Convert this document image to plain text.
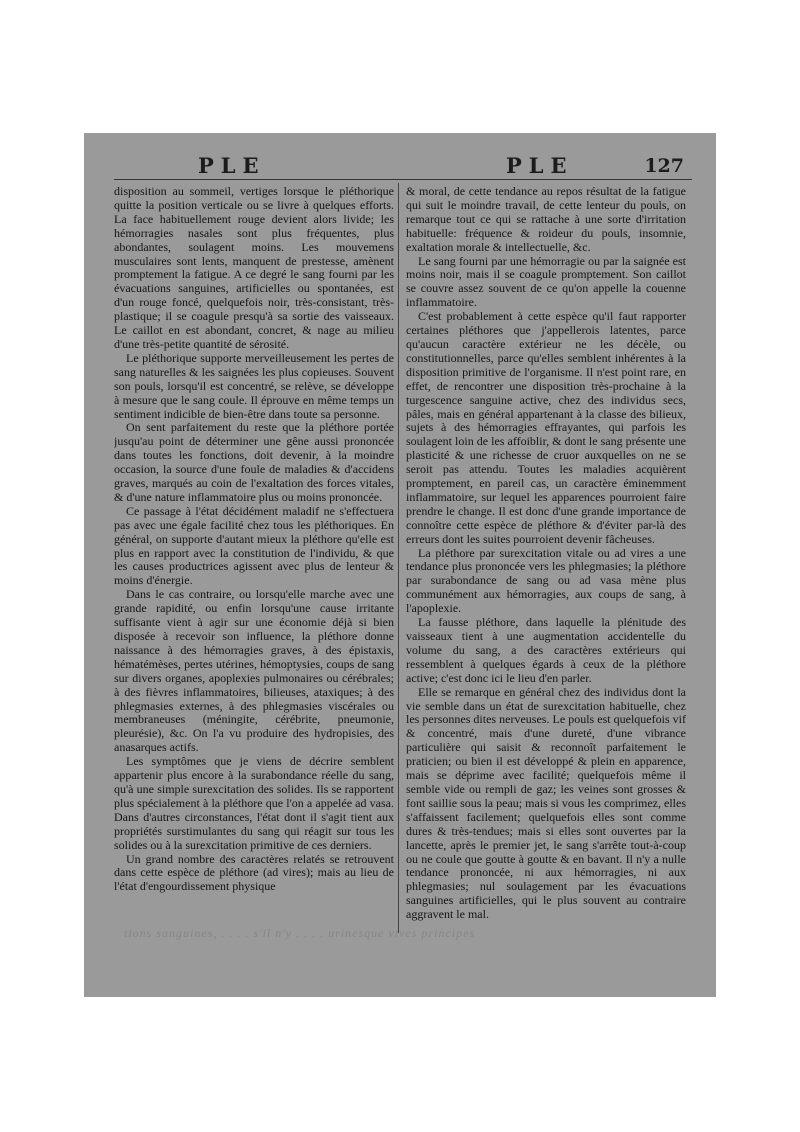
PLE	PLE	127

disposition au sommeil, vertiges lorsque le pléthorique quitte la position verticale ou se livre à quelques efforts. La face habituellement rouge devient alors livide; les hémorragies nasales sont plus fréquentes, plus abondantes, soulagent moins. Les mouvemens musculaires sont lents, manquent de prestesse, amènent promptement la fatigue. A ce degré le sang fourni par les évacuations sanguines, artificielles ou spontanées, est d'un rouge foncé, quelquefois noir, très-consistant, très-plastique; il se coagule presqu'à sa sortie des vaisseaux. Le caillot en est abondant, concret, & nage au milieu d'une très-petite quantité de sérosité.

Le pléthorique supporte merveilleusement les pertes de sang naturelles & les saignées les plus copieuses. Souvent son pouls, lorsqu'il est concentré, se relève, se développe à mesure que le sang coule. Il éprouve en même temps un sentiment indicible de bien-être dans toute sa personne.

On sent parfaitement du reste que la pléthore portée jusqu'au point de déterminer une gêne aussi prononcée dans toutes les fonctions, doit devenir, à la moindre occasion, la source d'une foule de maladies & d'accidens graves, marqués au coin de l'exaltation des forces vitales, & d'une nature inflammatoire plus ou moins prononcée.

Ce passage à l'état décidément maladif ne s'effectuera pas avec une égale facilité chez tous les pléthoriques. En général, on supporte d'autant mieux la pléthore qu'elle est plus en rapport avec la constitution de l'individu, & que les causes productrices agissent avec plus de lenteur & moins d'énergie.

Dans le cas contraire, ou lorsqu'elle marche avec une grande rapidité, ou enfin lorsqu'une cause irritante suffisante vient à agir sur une économie déjà si bien disposée à recevoir son influence, la pléthore donne naissance à des hémorragies graves, à des épistaxis, hématémèses, pertes utérines, hémoptysies, coups de sang sur divers organes, apoplexies pulmonaires ou cérébrales; à des fièvres inflammatoires, bilieuses, ataxiques; à des phlegmasies externes, à des phlegmasies viscérales ou membraneuses (méningite, cérébrite, pneumonie, pleurésie), &c. On l'a vu produire des hydropisies, des anasarques actifs.

Les symptômes que je viens de décrire semblent appartenir plus encore à la surabondance réelle du sang, qu'à une simple surexcitation des solides. Ils se rapportent plus spécialement à la pléthore que l'on a appelée ad vasa. Dans d'autres circonstances, l'état dont il s'agit tient aux propriétés surstimulantes du sang qui réagit sur tous les solides ou à la surexcitation primitive de ces derniers.

Un grand nombre des caractères relatés se retrouvent dans cette espèce de pléthore (ad vires); mais au lieu de l'état d'engourdissement physique

& moral, de cette tendance au repos résultat de la fatigue qui suit le moindre travail, de cette lenteur du pouls, on remarque tout ce qui se rattache à une sorte d'irritation habituelle: fréquence & roideur du pouls, insomnie, exaltation morale & intellectuelle, &c.

Le sang fourni par une hémorragie ou par la saignée est moins noir, mais il se coagule promptement. Son caillot se couvre assez souvent de ce qu'on appelle la couenne inflammatoire.

C'est probablement à cette espèce qu'il faut rapporter certaines pléthores que j'appellerois latentes, parce qu'aucun caractère extérieur ne les décèle, ou constitutionnelles, parce qu'elles semblent inhérentes à la disposition primitive de l'organisme. Il n'est point rare, en effet, de rencontrer une disposition très-prochaine à la turgescence sanguine active, chez des individus secs, pâles, mais en général appartenant à la classe des bilieux, sujets à des hémorragies effrayantes, qui parfois les soulagent loin de les affoiblir, & dont le sang présente une plasticité & une richesse de cruor auxquelles on ne se seroit pas attendu. Toutes les maladies acquièrent promptement, en pareil cas, un caractère éminemment inflammatoire, sur lequel les apparences pourroient faire prendre le change. Il est donc d'une grande importance de connoître cette espèce de pléthore & d'éviter par-là des erreurs dont les suites pourroient devenir fâcheuses.

La pléthore par surexcitation vitale ou ad vires a une tendance plus prononcée vers les phlegmasies; la pléthore par surabondance de sang ou ad vasa mène plus communément aux hémorragies, aux coups de sang, à l'apoplexie.

La fausse pléthore, dans laquelle la plénitude des vaisseaux tient à une augmentation accidentelle du volume du sang, a des caractères extérieurs qui ressemblent à quelques égards à ceux de la pléthore active; c'est donc ici le lieu d'en parler.

Elle se remarque en général chez des individus dont la vie semble dans un état de surexcitation habituelle, chez les personnes dites nerveuses. Le pouls est quelquefois vif & concentré, mais d'une dureté, d'une vibrance particulière qui saisit & reconnoît parfaitement le praticien; ou bien il est développé & plein en apparence, mais se déprime avec facilité; quelquefois même il semble vide ou rempli de gaz; les veines sont grosses & font saillie sous la peau; mais si vous les comprimez, elles s'affaissent facilement; quelquefois elles sont comme dures & très-tendues; mais si elles sont ouvertes par la lancette, après le premier jet, le sang s'arrête tout-à-coup ou ne coule que goutte à goutte & en bavant. Il n'y a nulle tendance prononcée, ni aux hémorragies, ni aux phlegmasies; nul soulagement par les évacuations sanguines artificielles, qui le plus souvent au contraire aggravent le mal.

tions sanguines, . . . . s'il n'y . . . . urinesque vives principes
